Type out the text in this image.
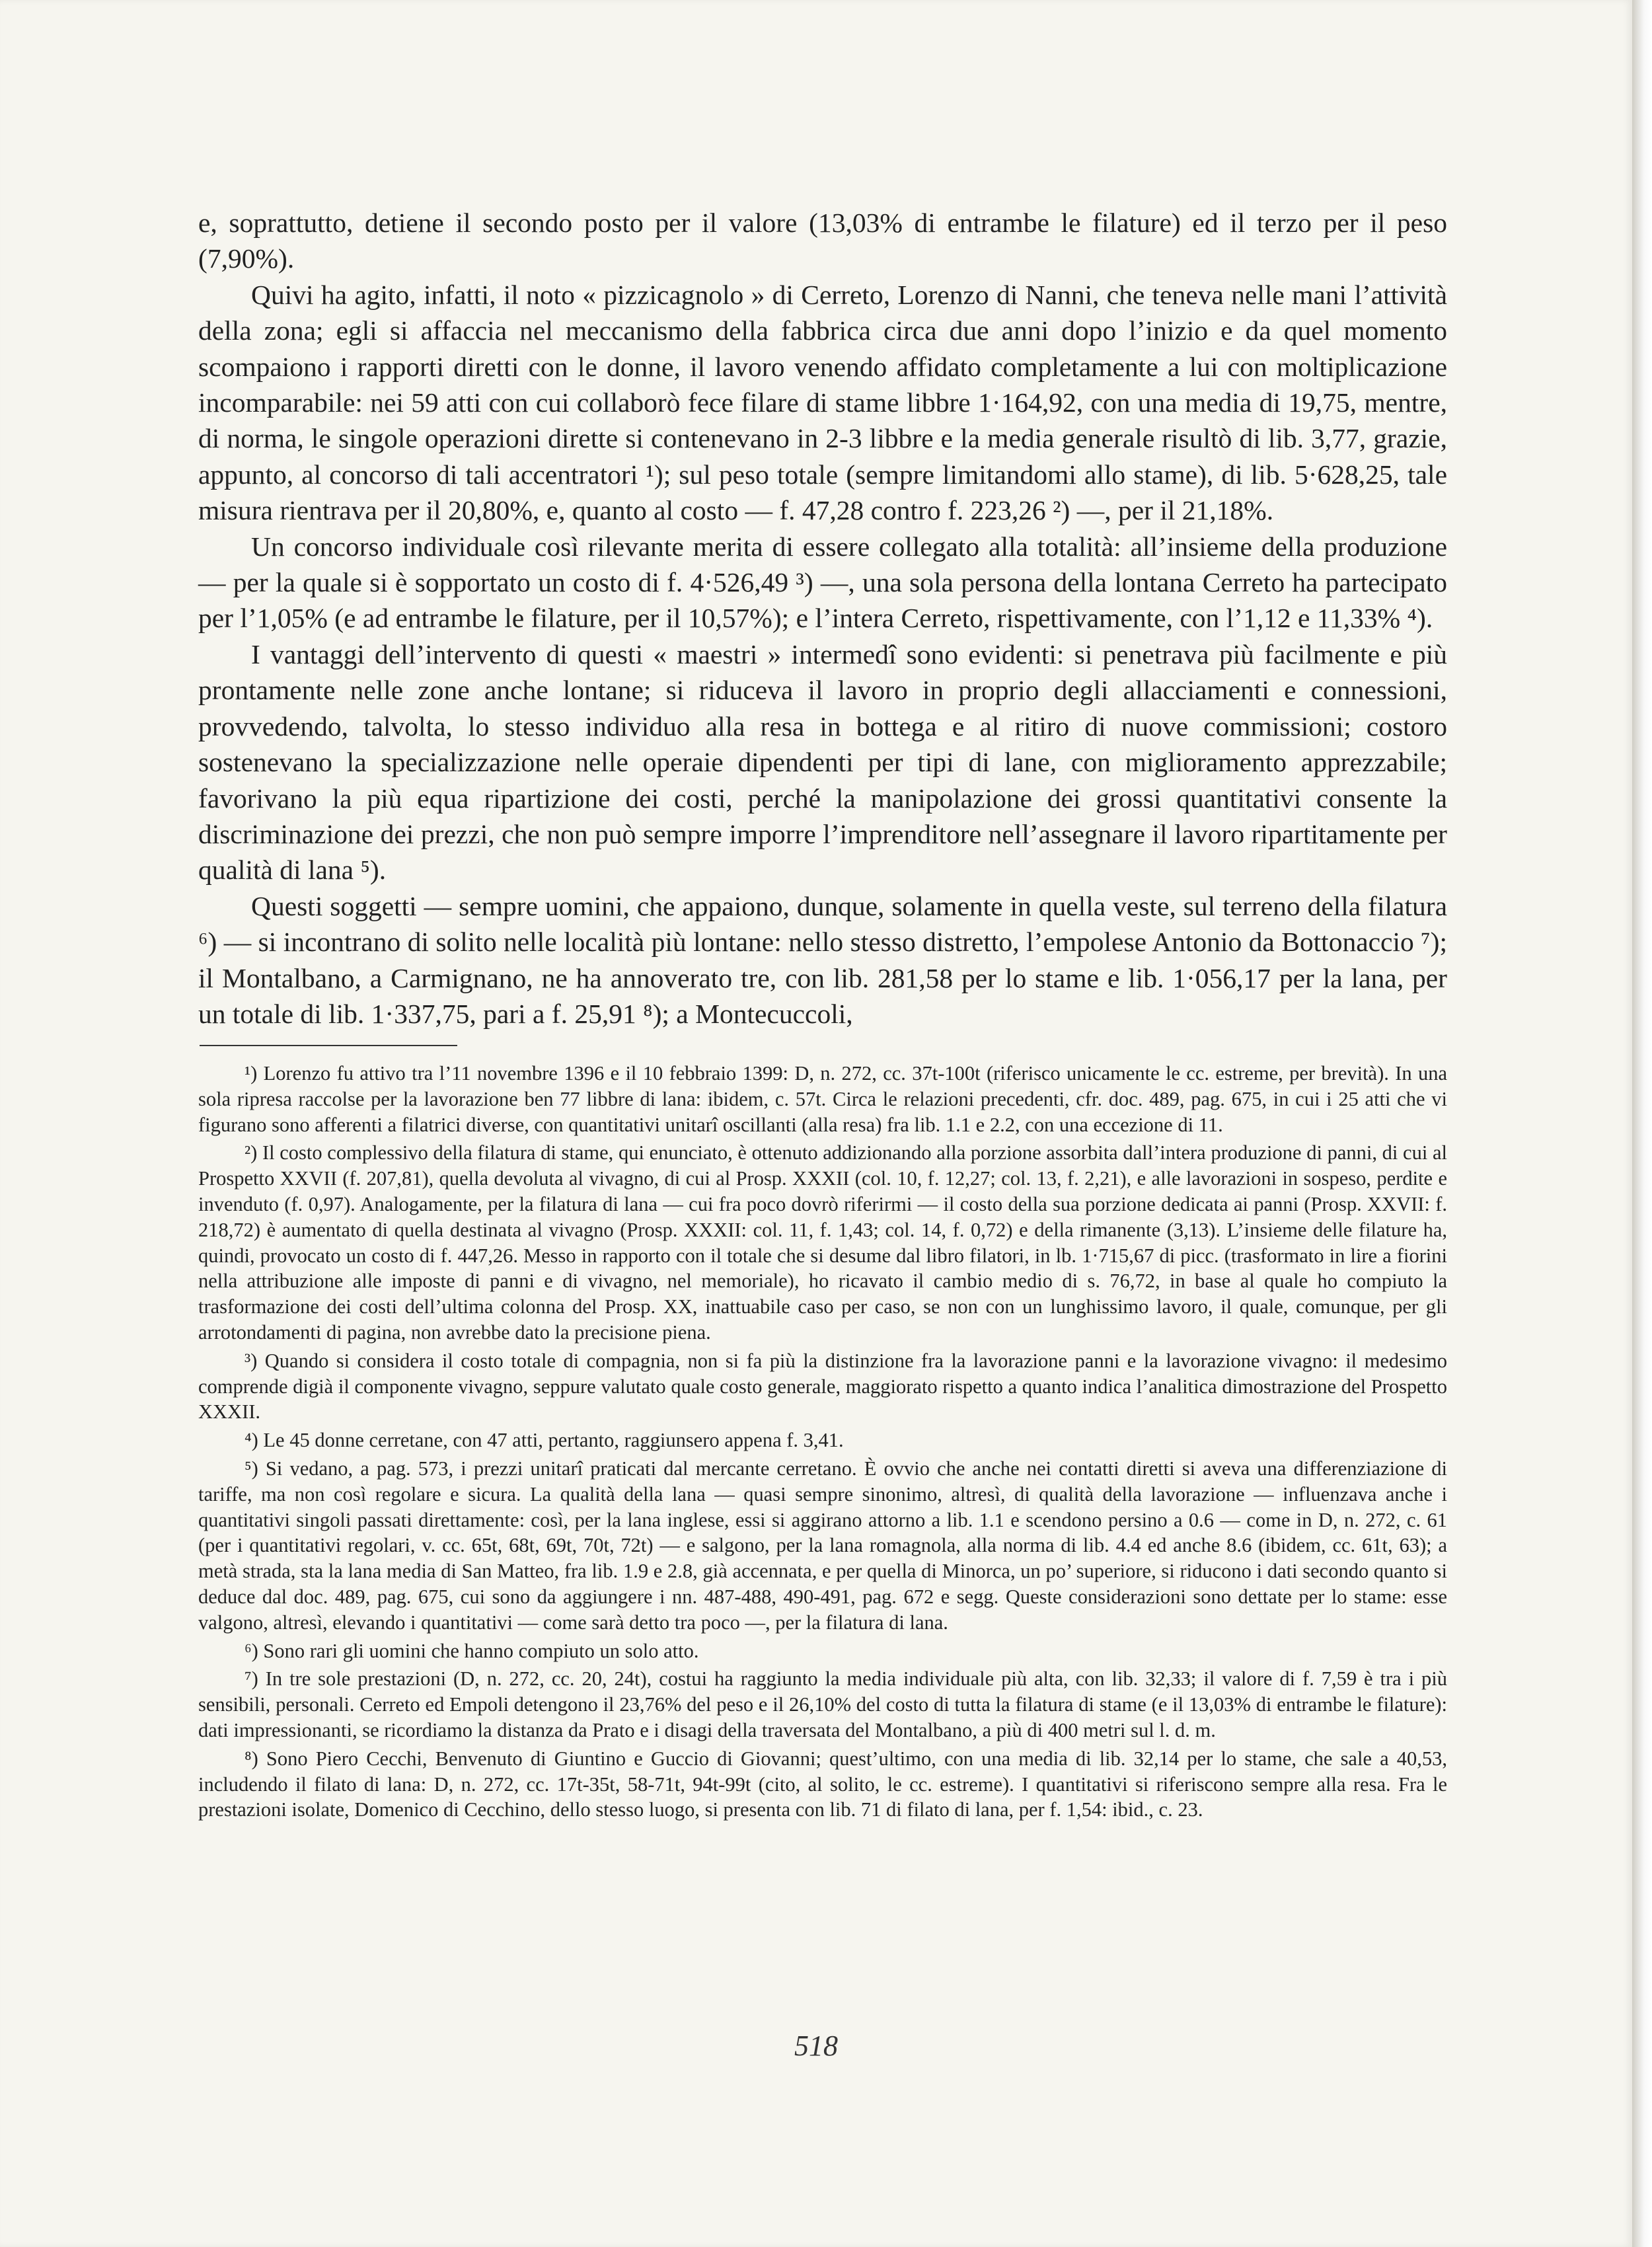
e, soprattutto, detiene il secondo posto per il valore (13,03% di entrambe le filature) ed il terzo per il peso (7,90%).

Quivi ha agito, infatti, il noto « pizzicagnolo » di Cerreto, Lorenzo di Nanni, che teneva nelle mani l’attività della zona; egli si affaccia nel meccanismo della fabbrica circa due anni dopo l’inizio e da quel momento scompaiono i rapporti diretti con le donne, il lavoro venendo affidato completamente a lui con moltiplicazione incomparabile: nei 59 atti con cui collaborò fece filare di stame libbre 1·164,92, con una media di 19,75, mentre, di norma, le singole operazioni dirette si contenevano in 2-3 libbre e la media generale risultò di lib. 3,77, grazie, appunto, al concorso di tali accentratori ¹); sul peso totale (sempre limitandomi allo stame), di lib. 5·628,25, tale misura rientrava per il 20,80%, e, quanto al costo — f. 47,28 contro f. 223,26 ²) —, per il 21,18%.

Un concorso individuale così rilevante merita di essere collegato alla totalità: all’insieme della produzione — per la quale si è sopportato un costo di f. 4·526,49 ³) —, una sola persona della lontana Cerreto ha partecipato per l’1,05% (e ad entrambe le filature, per il 10,57%); e l’intera Cerreto, rispettivamente, con l’1,12 e 11,33% ⁴).

I vantaggi dell’intervento di questi « maestri » intermedî sono evidenti: si penetrava più facilmente e più prontamente nelle zone anche lontane; si riduceva il lavoro in proprio degli allacciamenti e connessioni, provvedendo, talvolta, lo stesso individuo alla resa in bottega e al ritiro di nuove commissioni; costoro sostenevano la specializzazione nelle operaie dipendenti per tipi di lane, con miglioramento apprezzabile; favorivano la più equa ripartizione dei costi, perché la manipolazione dei grossi quantitativi consente la discriminazione dei prezzi, che non può sempre imporre l’imprenditore nell’assegnare il lavoro ripartitamente per qualità di lana ⁵).

Questi soggetti — sempre uomini, che appaiono, dunque, solamente in quella veste, sul terreno della filatura ⁶) — si incontrano di solito nelle località più lontane: nello stesso distretto, l’empolese Antonio da Bottonaccio ⁷); il Montalbano, a Carmignano, ne ha annoverato tre, con lib. 281,58 per lo stame e lib. 1·056,17 per la lana, per un totale di lib. 1·337,75, pari a f. 25,91 ⁸); a Montecuccoli,

¹) Lorenzo fu attivo tra l’11 novembre 1396 e il 10 febbraio 1399: D, n. 272, cc. 37t-100t (riferisco unicamente le cc. estreme, per brevità). In una sola ripresa raccolse per la lavorazione ben 77 libbre di lana: ibidem, c. 57t. Circa le relazioni precedenti, cfr. doc. 489, pag. 675, in cui i 25 atti che vi figurano sono afferenti a filatrici diverse, con quantitativi unitarî oscillanti (alla resa) fra lib. 1.1 e 2.2, con una eccezione di 11.

²) Il costo complessivo della filatura di stame, qui enunciato, è ottenuto addizionando alla porzione assorbita dall’intera produzione di panni, di cui al Prospetto XXVII (f. 207,81), quella devoluta al vivagno, di cui al Prosp. XXXII (col. 10, f. 12,27; col. 13, f. 2,21), e alle lavorazioni in sospeso, perdite e invenduto (f. 0,97). Analogamente, per la filatura di lana — cui fra poco dovrò riferirmi — il costo della sua porzione dedicata ai panni (Prosp. XXVII: f. 218,72) è aumentato di quella destinata al vivagno (Prosp. XXXII: col. 11, f. 1,43; col. 14, f. 0,72) e della rimanente (3,13). L’insieme delle filature ha, quindi, provocato un costo di f. 447,26. Messo in rapporto con il totale che si desume dal libro filatori, in lb. 1·715,67 di picc. (trasformato in lire a fiorini nella attribuzione alle imposte di panni e di vivagno, nel memoriale), ho ricavato il cambio medio di s. 76,72, in base al quale ho compiuto la trasformazione dei costi dell’ultima colonna del Prosp. XX, inattuabile caso per caso, se non con un lunghissimo lavoro, il quale, comunque, per gli arrotondamenti di pagina, non avrebbe dato la precisione piena.

³) Quando si considera il costo totale di compagnia, non si fa più la distinzione fra la lavorazione panni e la lavorazione vivagno: il medesimo comprende digià il componente vivagno, seppure valutato quale costo generale, maggiorato rispetto a quanto indica l’analitica dimostrazione del Prospetto XXXII.

⁴) Le 45 donne cerretane, con 47 atti, pertanto, raggiunsero appena f. 3,41.

⁵) Si vedano, a pag. 573, i prezzi unitarî praticati dal mercante cerretano. È ovvio che anche nei contatti diretti si aveva una differenziazione di tariffe, ma non così regolare e sicura. La qualità della lana — quasi sempre sinonimo, altresì, di qualità della lavorazione — influenzava anche i quantitativi singoli passati direttamente: così, per la lana inglese, essi si aggirano attorno a lib. 1.1 e scendono persino a 0.6 — come in D, n. 272, c. 61 (per i quantitativi regolari, v. cc. 65t, 68t, 69t, 70t, 72t) — e salgono, per la lana romagnola, alla norma di lib. 4.4 ed anche 8.6 (ibidem, cc. 61t, 63); a metà strada, sta la lana media di San Matteo, fra lib. 1.9 e 2.8, già accennata, e per quella di Minorca, un po’ superiore, si riducono i dati secondo quanto si deduce dal doc. 489, pag. 675, cui sono da aggiungere i nn. 487-488, 490-491, pag. 672 e segg. Queste considerazioni sono dettate per lo stame: esse valgono, altresì, elevando i quantitativi — come sarà detto tra poco —, per la filatura di lana.

⁶) Sono rari gli uomini che hanno compiuto un solo atto.

⁷) In tre sole prestazioni (D, n. 272, cc. 20, 24t), costui ha raggiunto la media individuale più alta, con lib. 32,33; il valore di f. 7,59 è tra i più sensibili, personali. Cerreto ed Empoli detengono il 23,76% del peso e il 26,10% del costo di tutta la filatura di stame (e il 13,03% di entrambe le filature): dati impressionanti, se ricordiamo la distanza da Prato e i disagi della traversata del Montalbano, a più di 400 metri sul l. d. m.

⁸) Sono Piero Cecchi, Benvenuto di Giuntino e Guccio di Giovanni; quest’ultimo, con una media di lib. 32,14 per lo stame, che sale a 40,53, includendo il filato di lana: D, n. 272, cc. 17t-35t, 58-71t, 94t-99t (cito, al solito, le cc. estreme). I quantitativi si riferiscono sempre alla resa. Fra le prestazioni isolate, Domenico di Cecchino, dello stesso luogo, si presenta con lib. 71 di filato di lana, per f. 1,54: ibid., c. 23.

518
